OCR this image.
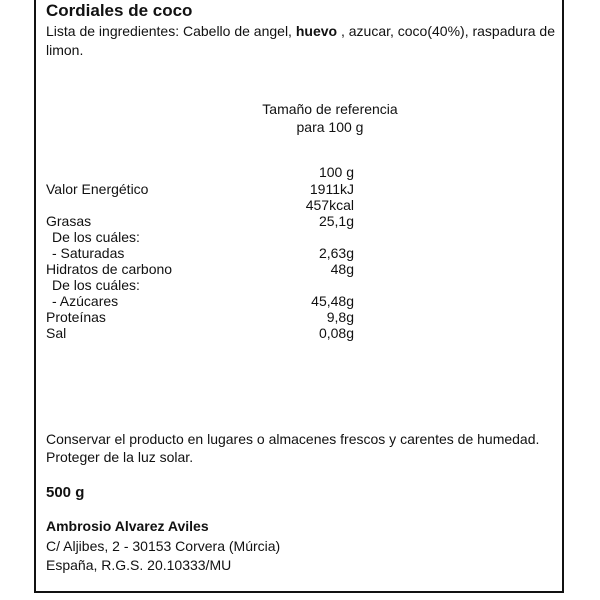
Cordiales de coco
Lista de ingredientes: Cabello de angel, huevo , azucar, coco(40%), raspadura de limon.
Tamaño de referencia
para 100 g
100 g
Valor Energético	1911kJ
457kcal
Grasas	25,1g
De los cuáles:
- Saturadas	2,63g
Hidratos de carbono	48g
De los cuáles:
- Azúcares	45,48g
Proteínas	9,8g
Sal	0,08g
Conservar el producto en lugares o almacenes frescos y carentes de humedad. Proteger de la luz solar.
500 g
Ambrosio Alvarez Aviles
C/ Aljibes, 2 - 30153 Corvera (Múrcia)
España, R.G.S. 20.10333/MU
